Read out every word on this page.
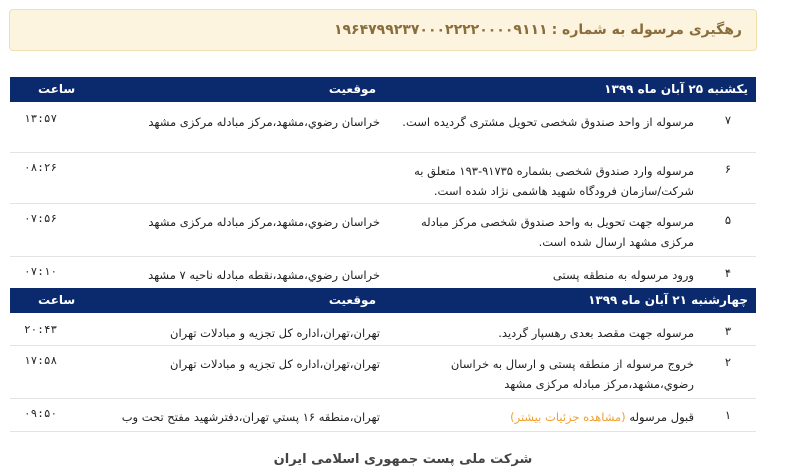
رهگیری مرسوله به شماره :
۱۹۶۴۷۹۹۲۳۷۰۰۰۲۲۲۲۰۰۰۰۹۱۱۱
یکشنبه ۲۵ آبان ماه ۱۳۹۹
موقعیت
ساعت
۷
مرسوله از واحد صندوق شخصی تحویل مشتری گردیده است.
خراسان رضوي،مشهد،مرکز مبادله مرکزی مشهد
۱۳:۵۷
۶
مرسوله وارد صندوق شخصی بشماره ۹۱۷۳۵-۱۹۳ متعلق به شرکت/سازمان فرودگاه شهید هاشمی نژاد شده است.
۰۸:۲۶
۵
مرسوله جهت تحویل به واحد صندوق شخصی مرکز مبادله مرکزی مشهد ارسال شده است.
خراسان رضوي،مشهد،مرکز مبادله مرکزی مشهد
۰۷:۵۶
۴
ورود مرسوله به منطقه پستی
خراسان رضوي،مشهد،نقطه مبادله ناحیه ۷ مشهد
۰۷:۱۰
چهارشنبه ۲۱ آبان ماه ۱۳۹۹
موقعیت
ساعت
۳
مرسوله جهت مقصد بعدی رهسپار گردید.
تهران،تهران،اداره کل تجزیه و مبادلات تهران
۲۰:۴۳
۲
خروج مرسوله از منطقه پستی و ارسال به خراسان رضوي،مشهد،مرکز مبادله مرکزی مشهد
تهران،تهران،اداره کل تجزیه و مبادلات تهران
۱۷:۵۸
۱
قبول مرسوله (مشاهده جزئیات بیشتر)
تهران،منطقه ۱۶ پستي تهران،دفترشهید مفتح تحت وب
۰۹:۵۰
شرکت ملی پست جمهوری اسلامی ایران
